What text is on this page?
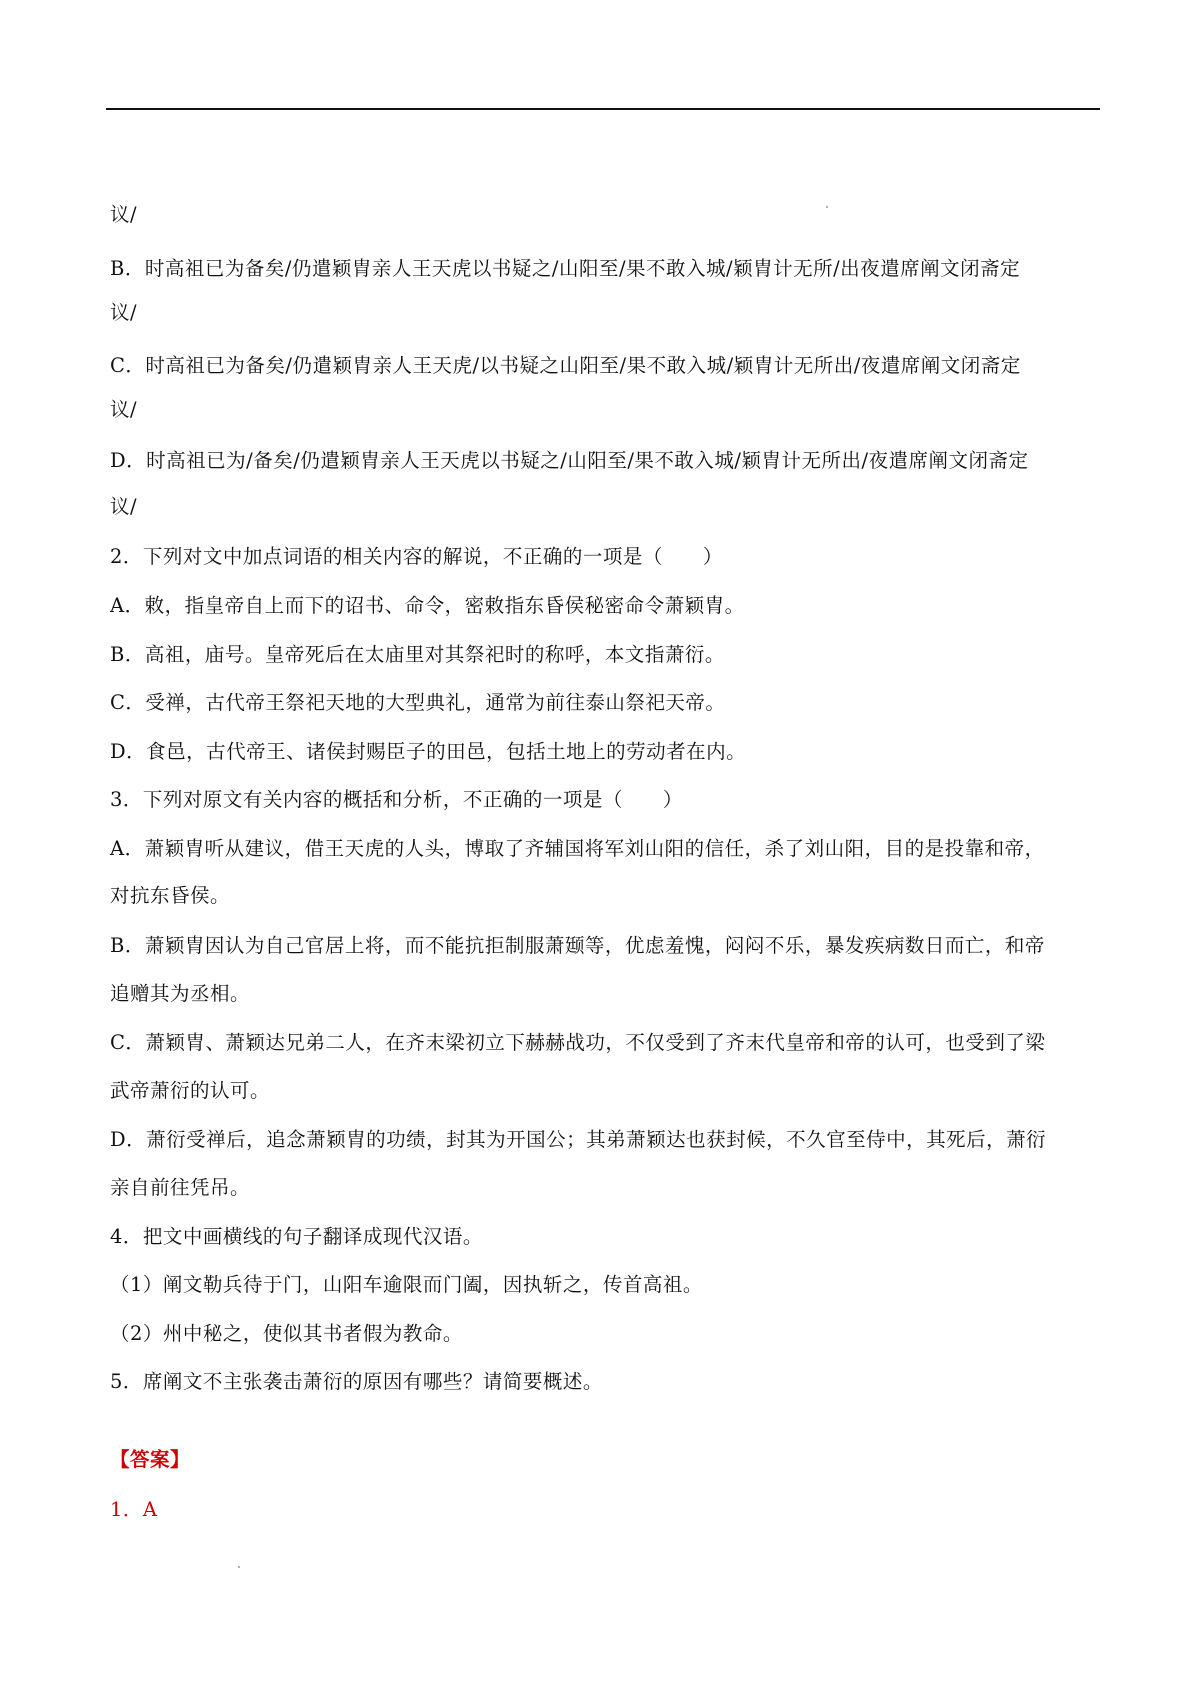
议/
B．时高祖已为备矣/仍遣颖胄亲人王天虎以书疑之/山阳至/果不敢入城/颖胄计无所/出夜遣席阐文闭斋定
议/
C．时高祖已为备矣/仍遣颖胄亲人王天虎/以书疑之山阳至/果不敢入城/颖胄计无所出/夜遣席阐文闭斋定
议/
D．时高祖已为/备矣/仍遣颖胄亲人王天虎以书疑之/山阳至/果不敢入城/颖胄计无所出/夜遣席阐文闭斋定
议/
2．下列对文中加点词语的相关内容的解说，不正确的一项是（　　）
A．敕，指皇帝自上而下的诏书、命令，密敕指东昏侯秘密命令萧颖胄。
B．高祖，庙号。皇帝死后在太庙里对其祭祀时的称呼，本文指萧衍。
C．受禅，古代帝王祭祀天地的大型典礼，通常为前往泰山祭祀天帝。
D．食邑，古代帝王、诸侯封赐臣子的田邑，包括土地上的劳动者在内。
3．下列对原文有关内容的概括和分析，不正确的一项是（　　）
A．萧颖胄听从建议，借王天虎的人头，博取了齐辅国将军刘山阳的信任，杀了刘山阳，目的是投靠和帝，
对抗东昏侯。
B．萧颖胄因认为自己官居上将，而不能抗拒制服萧颋等，优虑羞愧，闷闷不乐，暴发疾病数日而亡，和帝
追赠其为丞相。
C．萧颖胄、萧颖达兄弟二人，在齐末梁初立下赫赫战功，不仅受到了齐末代皇帝和帝的认可，也受到了梁
武帝萧衍的认可。
D．萧衍受禅后，追念萧颖胄的功绩，封其为开国公；其弟萧颖达也获封候，不久官至侍中，其死后，萧衍
亲自前往凭吊。
4．把文中画横线的句子翻译成现代汉语。
（1）阐文勒兵待于门，山阳车逾限而门阖，因执斩之，传首高祖。
（2）州中秘之，使似其书者假为教命。
5．席阐文不主张袭击萧衍的原因有哪些？请简要概述。
【答案】
1．A
